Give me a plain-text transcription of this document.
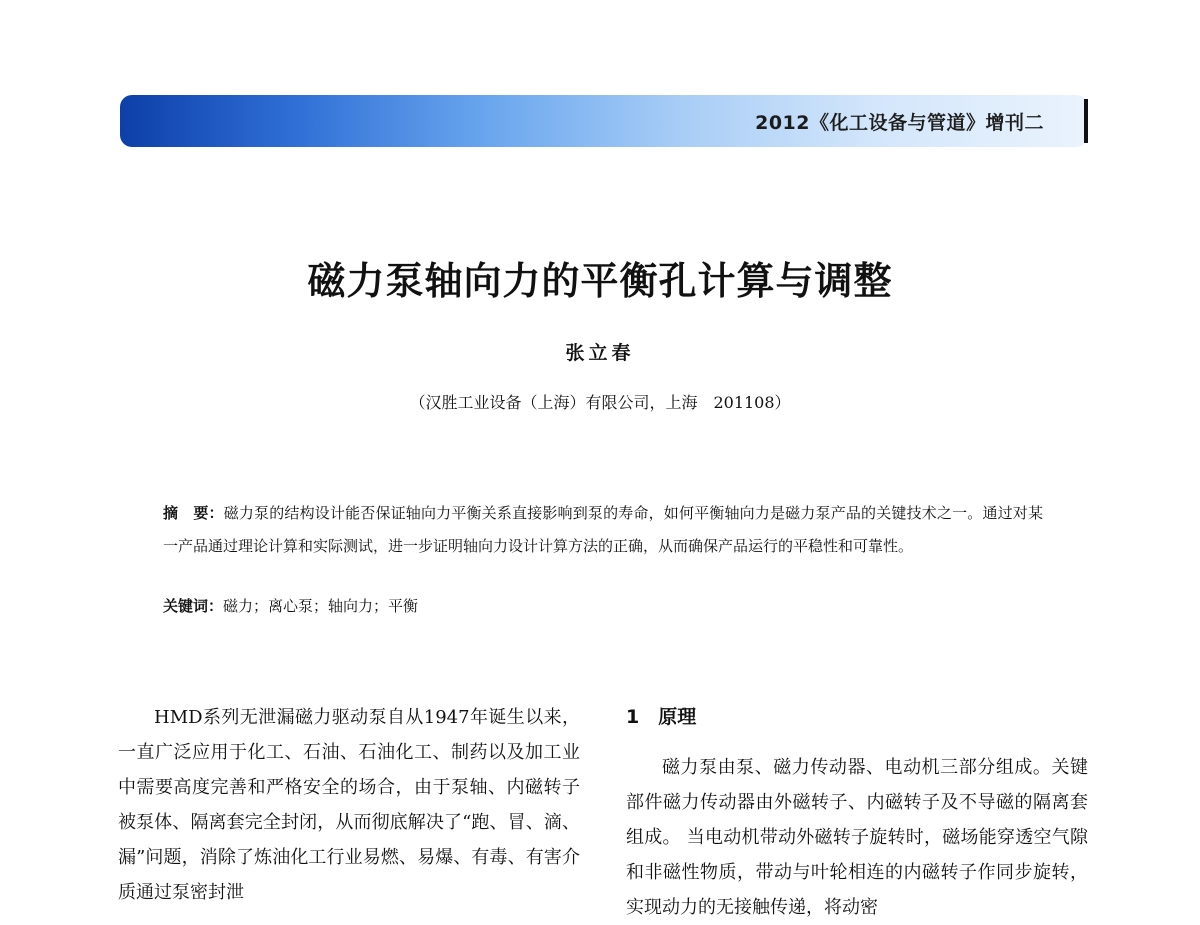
2012《化工设备与管道》增刊二
磁力泵轴向力的平衡孔计算与调整
张立春
（汉胜工业设备（上海）有限公司，上海　201108）
摘　要：磁力泵的结构设计能否保证轴向力平衡关系直接影响到泵的寿命，如何平衡轴向力是磁力泵产品的关键技术之一。通过对某一产品通过理论计算和实际测试，进一步证明轴向力设计计算方法的正确，从而确保产品运行的平稳性和可靠性。
关键词：磁力；离心泵；轴向力；平衡

HMD系列无泄漏磁力驱动泵自从1947年诞生以来，一直广泛应用于化工、石油、石油化工、制药以及加工业中需要高度完善和严格安全的场合，由于泵轴、内磁转子被泵体、隔离套完全封闭，从而彻底解决了“跑、冒、滴、漏”问题，消除了炼油化工行业易燃、易爆、有毒、有害介质通过泵密封泄

1　原理

磁力泵由泵、磁力传动器、电动机三部分组成。关键部件磁力传动器由外磁转子、内磁转子及不导磁的隔离套组成。 当电动机带动外磁转子旋转时，磁场能穿透空气隙和非磁性物质，带动与叶轮相连的内磁转子作同步旋转，实现动力的无接触传递，将动密
